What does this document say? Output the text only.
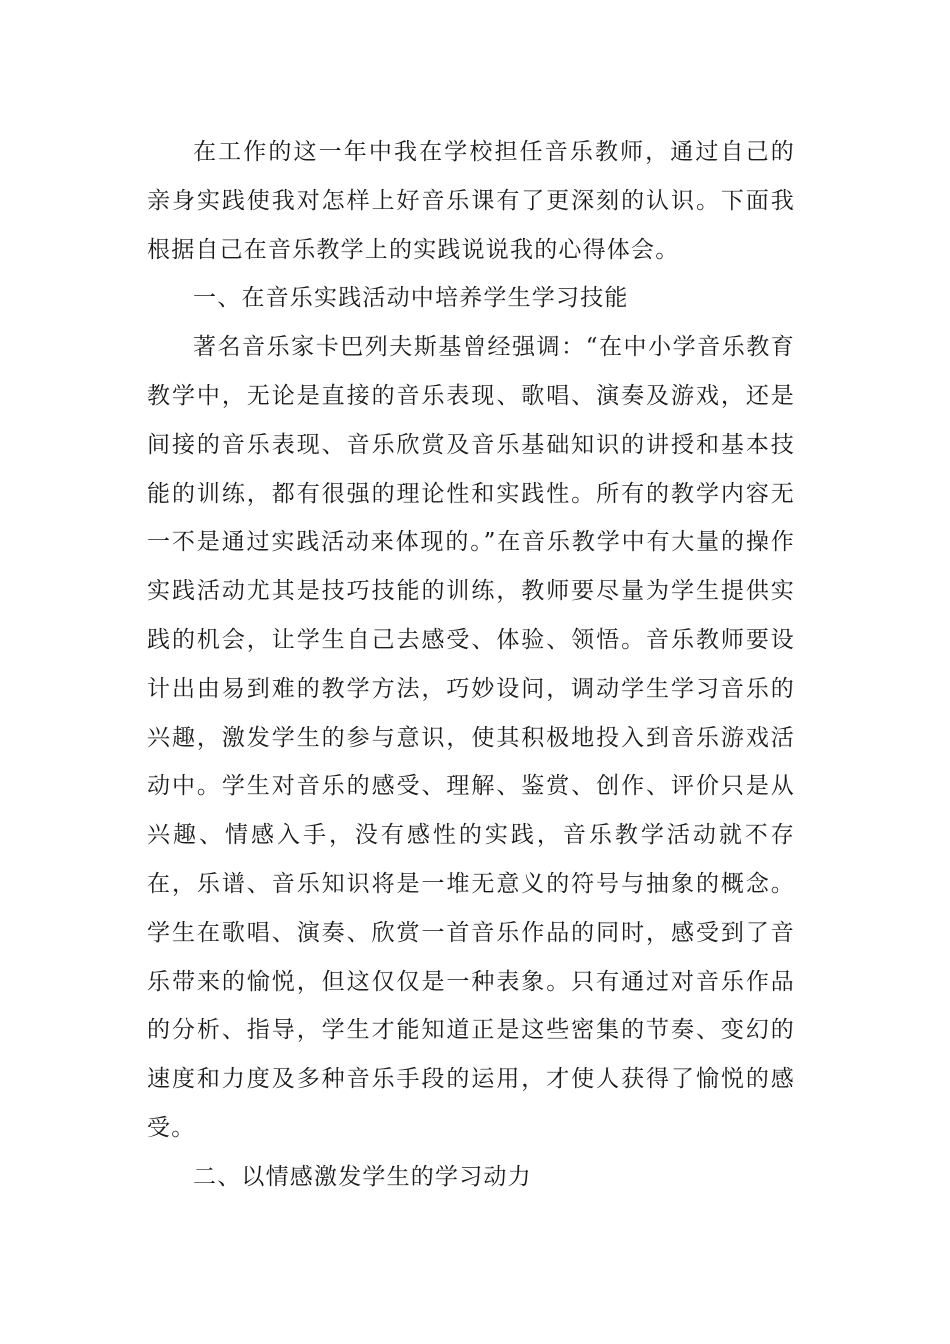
在工作的这一年中我在学校担任音乐教师，通过自己的亲身实践使我对怎样上好音乐课有了更深刻的认识。下面我根据自己在音乐教学上的实践说说我的心得体会。

一、在音乐实践活动中培养学生学习技能

著名音乐家卡巴列夫斯基曾经强调：“在中小学音乐教育教学中，无论是直接的音乐表现、歌唱、演奏及游戏，还是间接的音乐表现、音乐欣赏及音乐基础知识的讲授和基本技能的训练，都有很强的理论性和实践性。所有的教学内容无一不是通过实践活动来体现的。”在音乐教学中有大量的操作实践活动尤其是技巧技能的训练，教师要尽量为学生提供实践的机会，让学生自己去感受、体验、领悟。音乐教师要设计出由易到难的教学方法，巧妙设问，调动学生学习音乐的兴趣，激发学生的参与意识，使其积极地投入到音乐游戏活动中。学生对音乐的感受、理解、鉴赏、创作、评价只是从兴趣、情感入手，没有感性的实践，音乐教学活动就不存在，乐谱、音乐知识将是一堆无意义的符号与抽象的概念。学生在歌唱、演奏、欣赏一首音乐作品的同时，感受到了音乐带来的愉悦，但这仅仅是一种表象。只有通过对音乐作品的分析、指导，学生才能知道正是这些密集的节奏、变幻的速度和力度及多种音乐手段的运用，才使人获得了愉悦的感受。

二、以情感激发学生的学习动力
